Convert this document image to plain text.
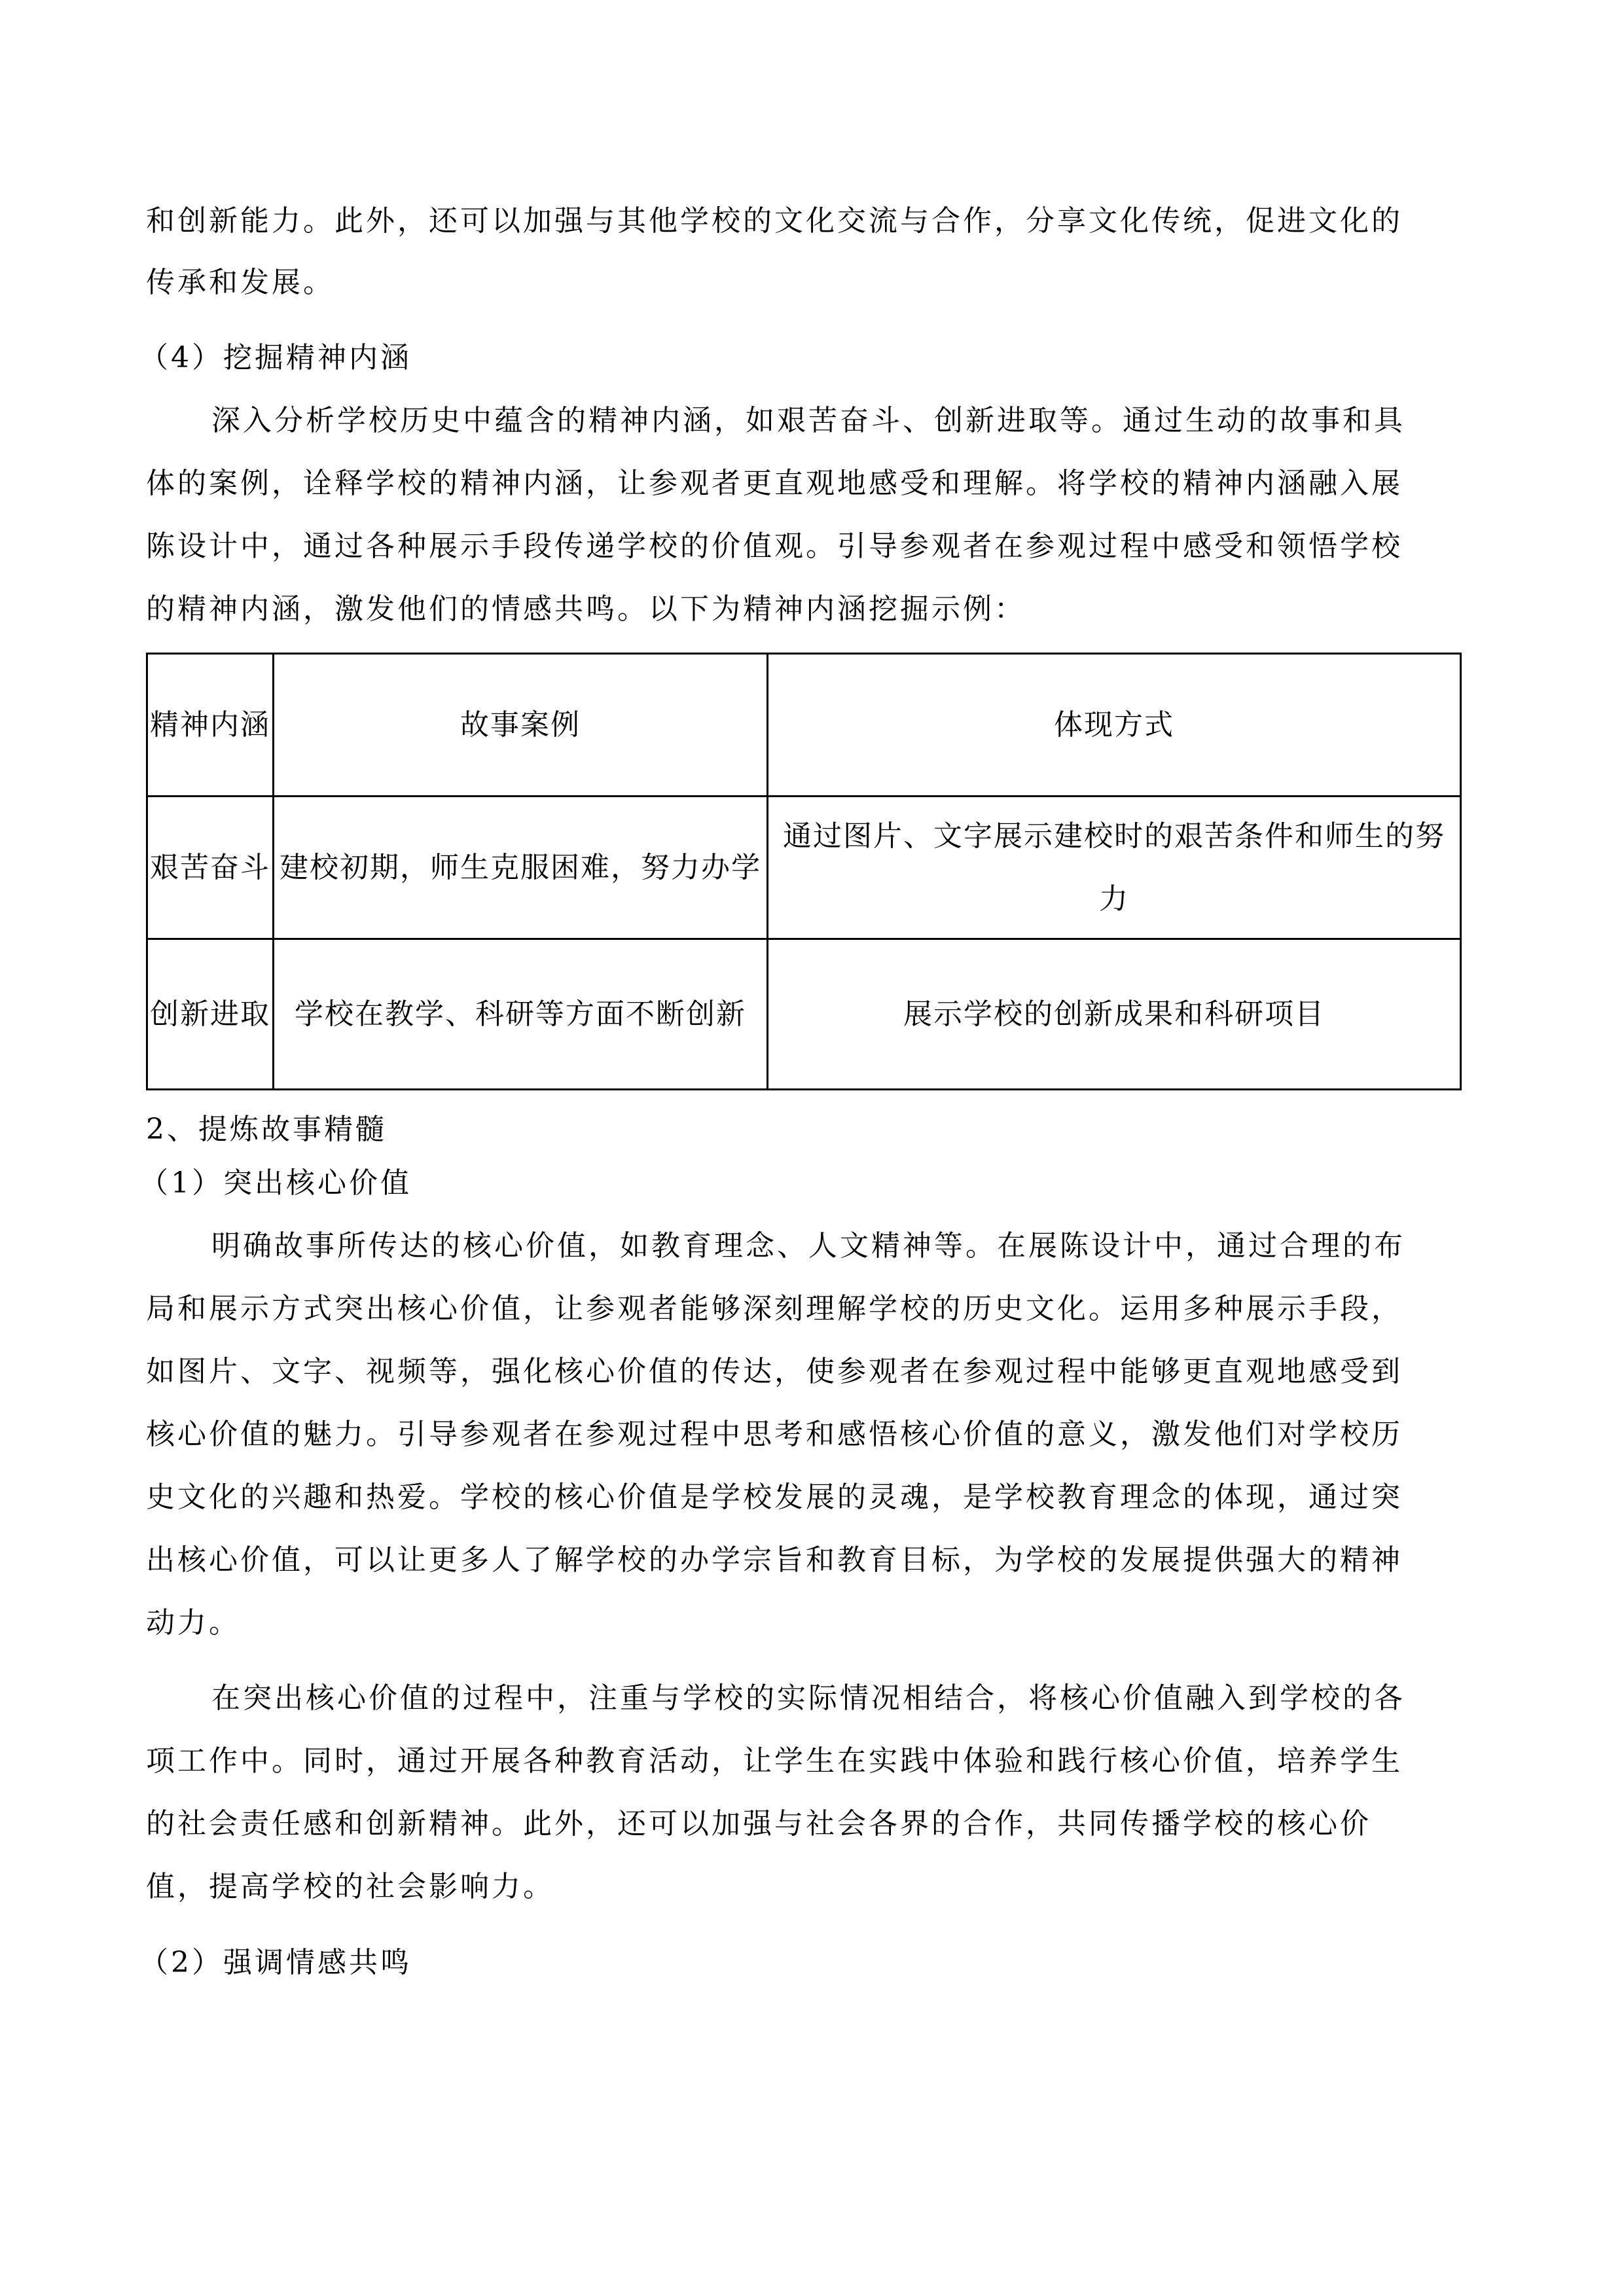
和创新能力。此外，还可以加强与其他学校的文化交流与合作，分享文化传统，促进文化的
传承和发展。
（4）挖掘精神内涵
深入分析学校历史中蕴含的精神内涵，如艰苦奋斗、创新进取等。通过生动的故事和具
体的案例，诠释学校的精神内涵，让参观者更直观地感受和理解。将学校的精神内涵融入展
陈设计中，通过各种展示手段传递学校的价值观。引导参观者在参观过程中感受和领悟学校
的精神内涵，激发他们的情感共鸣。以下为精神内涵挖掘示例：
精神内涵	故事案例	体现方式
艰苦奋斗	建校初期，师生克服困难，努力办学	通过图片、文字展示建校时的艰苦条件和师生的努力
创新进取	学校在教学、科研等方面不断创新	展示学校的创新成果和科研项目
2、提炼故事精髓
（1）突出核心价值
明确故事所传达的核心价值，如教育理念、人文精神等。在展陈设计中，通过合理的布
局和展示方式突出核心价值，让参观者能够深刻理解学校的历史文化。运用多种展示手段，
如图片、文字、视频等，强化核心价值的传达，使参观者在参观过程中能够更直观地感受到
核心价值的魅力。引导参观者在参观过程中思考和感悟核心价值的意义，激发他们对学校历
史文化的兴趣和热爱。学校的核心价值是学校发展的灵魂，是学校教育理念的体现，通过突
出核心价值，可以让更多人了解学校的办学宗旨和教育目标，为学校的发展提供强大的精神
动力。
在突出核心价值的过程中，注重与学校的实际情况相结合，将核心价值融入到学校的各
项工作中。同时，通过开展各种教育活动，让学生在实践中体验和践行核心价值，培养学生
的社会责任感和创新精神。此外，还可以加强与社会各界的合作，共同传播学校的核心价
值，提高学校的社会影响力。
（2）强调情感共鸣
